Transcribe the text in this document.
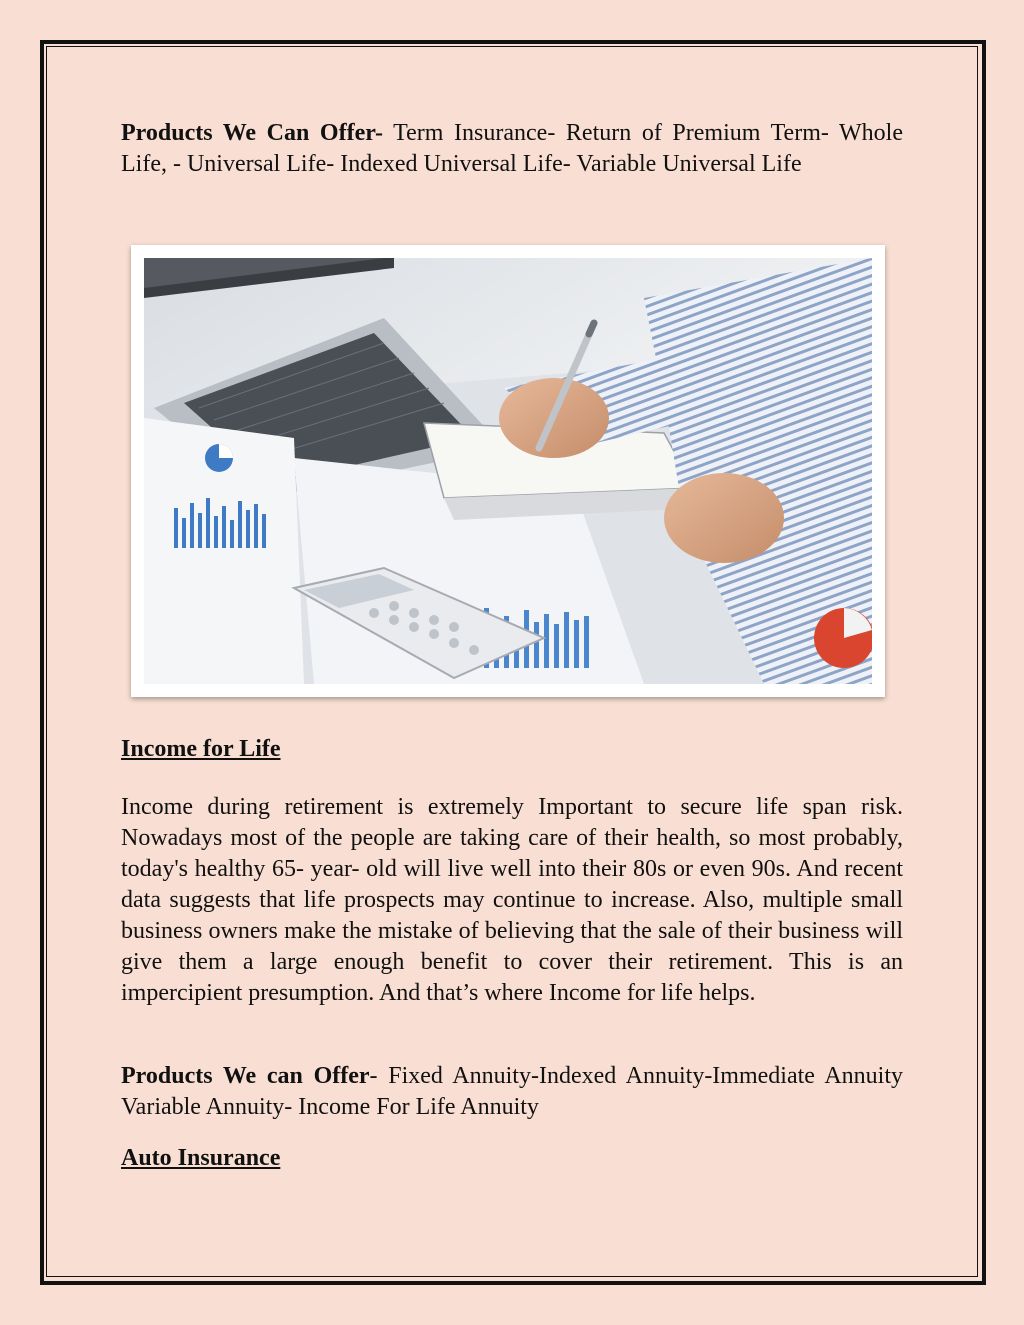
Products We Can Offer- Term Insurance- Return of Premium Term- Whole Life, - Universal Life- Indexed Universal Life- Variable Universal Life

Income for Life

Income during retirement is extremely Important to secure life span risk. Nowadays most of the people are taking care of their health, so most probably, today's healthy 65- year- old will live well into their 80s or even 90s. And recent data suggests that life prospects may continue to increase. Also, multiple small business owners make the mistake of believing that the sale of their business will give them a large enough benefit to cover their retirement. This is an impercipient presumption. And that’s where Income for life helps.

Products We can Offer- Fixed Annuity-Indexed Annuity-Immediate Annuity Variable Annuity- Income For Life Annuity

Auto Insurance
